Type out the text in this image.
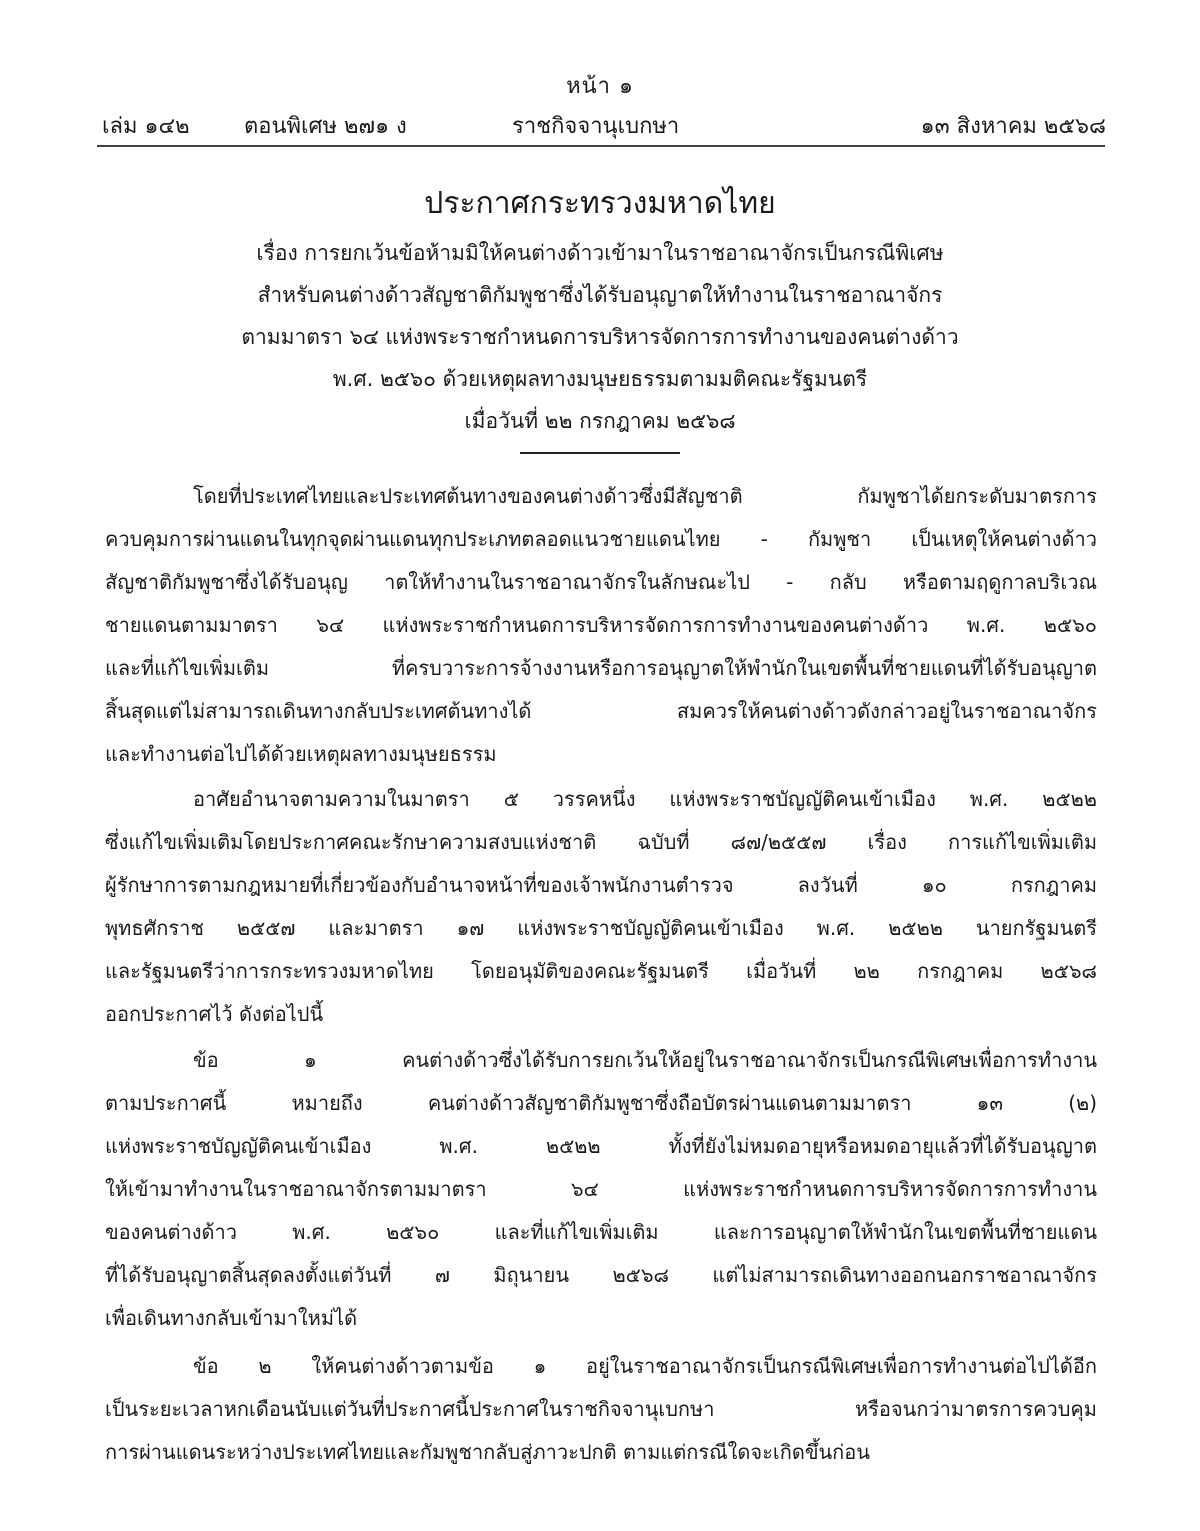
หน้า ๑
เล่ม ๑๔๒ ตอนพิเศษ ๒๗๑ ง	ราชกิจจานุเบกษา	๑๓ สิงหาคม ๒๕๖๘
ประกาศกระทรวงมหาดไทย
เรื่อง การยกเว้นข้อห้ามมิให้คนต่างด้าวเข้ามาในราชอาณาจักรเป็นกรณีพิเศษ
สำหรับคนต่างด้าวสัญชาติกัมพูชาซึ่งได้รับอนุญาตให้ทำงานในราชอาณาจักร
ตามมาตรา ๖๔ แห่งพระราชกำหนดการบริหารจัดการการทำงานของคนต่างด้าว
พ.ศ. ๒๕๖๐ ด้วยเหตุผลทางมนุษยธรรมตามมติคณะรัฐมนตรี
เมื่อวันที่ ๒๒ กรกฎาคม ๒๕๖๘
โดยที่ประเทศไทยและประเทศต้นทางของคนต่างด้าวซึ่งมีสัญชาติ กัมพูชาได้ยกระดับมาตรการ
ควบคุมการผ่านแดนในทุกจุดผ่านแดนทุกประเภทตลอดแนวชายแดนไทย - กัมพูชา เป็นเหตุให้คนต่างด้าว
สัญชาติกัมพูชาซึ่งได้รับอนุญ าตให้ทำงานในราชอาณาจักรในลักษณะไป - กลับ หรือตามฤดูกาลบริเวณ
ชายแดนตามมาตรา ๖๔ แห่งพระราชกำหนดการบริหารจัดการการทำงานของคนต่างด้าว พ.ศ. ๒๕๖๐
และที่แก้ไขเพิ่มเติม ที่ครบวาระการจ้างงานหรือการอนุญาตให้พำนักในเขตพื้นที่ชายแดนที่ได้รับอนุญาต
สิ้นสุดแต่ไม่สามารถเดินทางกลับประเทศต้นทางได้ สมควรให้คนต่างด้าวดังกล่าวอยู่ในราชอาณาจักร
และทำงานต่อไปได้ด้วยเหตุผลทางมนุษยธรรม
อาศัยอำนาจตามความในมาตรา ๕ วรรคหนึ่ง แห่งพระราชบัญญัติคนเข้าเมือง พ.ศ. ๒๕๒๒
ซึ่งแก้ไขเพิ่มเติมโดยประกาศคณะรักษาความสงบแห่งชาติ ฉบับที่ ๘๗/๒๕๕๗ เรื่อง การแก้ไขเพิ่มเติม
ผู้รักษาการตามกฎหมายที่เกี่ยวข้องกับอำนาจหน้าที่ของเจ้าพนักงานตำรวจ ลงวันที่ ๑๐ กรกฎาคม
พุทธศักราช ๒๕๕๗ และมาตรา ๑๗ แห่งพระราชบัญญัติคนเข้าเมือง พ.ศ. ๒๕๒๒ นายกรัฐมนตรี
และรัฐมนตรีว่าการกระทรวงมหาดไทย โดยอนุมัติของคณะรัฐมนตรี เมื่อวันที่ ๒๒ กรกฎาคม ๒๕๖๘
ออกประกาศไว้ ดังต่อไปนี้
ข้อ ๑ คนต่างด้าวซึ่งได้รับการยกเว้นให้อยู่ในราชอาณาจักรเป็นกรณีพิเศษเพื่อการทำงาน
ตามประกาศนี้ หมายถึง คนต่างด้าวสัญชาติกัมพูชาซึ่งถือบัตรผ่านแดนตามมาตรา ๑๓ (๒)
แห่งพระราชบัญญัติคนเข้าเมือง พ.ศ. ๒๕๒๒ ทั้งที่ยังไม่หมดอายุหรือหมดอายุแล้วที่ได้รับอนุญาต
ให้เข้ามาทำงานในราชอาณาจักรตามมาตรา ๖๔ แห่งพระราชกำหนดการบริหารจัดการการทำงาน
ของคนต่างด้าว พ.ศ. ๒๕๖๐ และที่แก้ไขเพิ่มเติม และการอนุญาตให้พำนักในเขตพื้นที่ชายแดน
ที่ได้รับอนุญาตสิ้นสุดลงตั้งแต่วันที่ ๗ มิถุนายน ๒๕๖๘ แต่ไม่สามารถเดินทางออกนอกราชอาณาจักร
เพื่อเดินทางกลับเข้ามาใหม่ได้
ข้อ ๒ ให้คนต่างด้าวตามข้อ ๑ อยู่ในราชอาณาจักรเป็นกรณีพิเศษเพื่อการทำงานต่อไปได้อีก
เป็นระยะเวลาหกเดือนนับแต่วันที่ประกาศนี้ประกาศในราชกิจจานุเบกษา หรือจนกว่ามาตรการควบคุม
การผ่านแดนระหว่างประเทศไทยและกัมพูชากลับสู่ภาวะปกติ ตามแต่กรณีใดจะเกิดขึ้นก่อน
